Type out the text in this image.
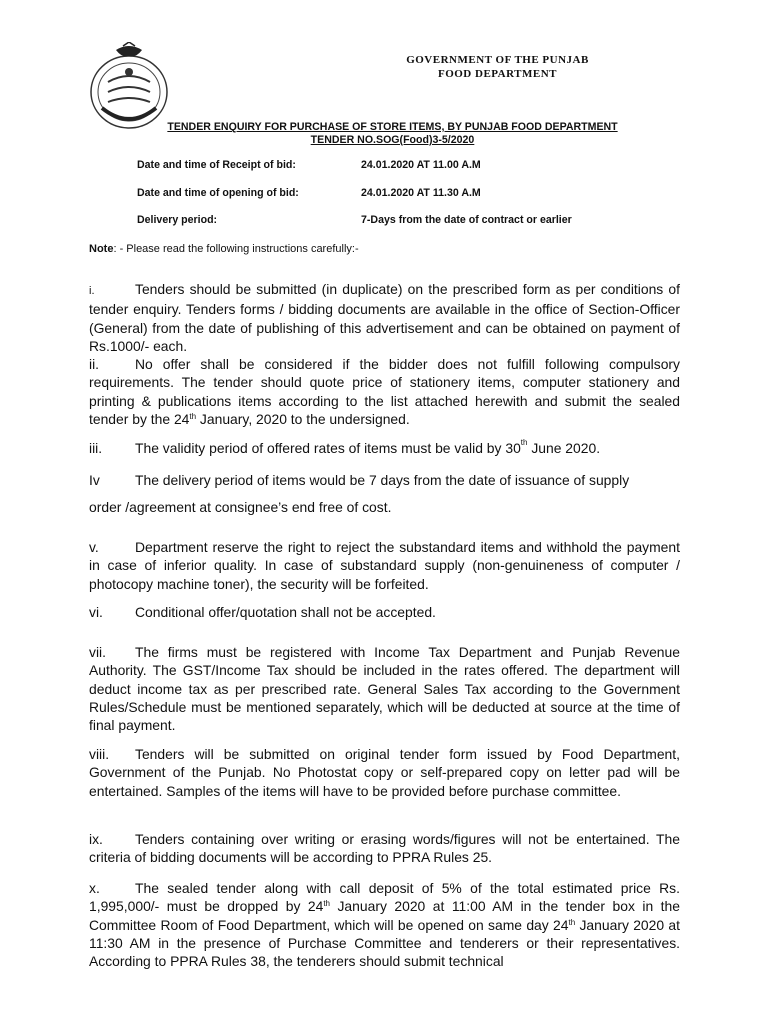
GOVERNMENT OF THE PUNJAB
FOOD DEPARTMENT
TENDER ENQUIRY FOR PURCHASE OF STORE ITEMS, BY PUNJAB FOOD DEPARTMENT
TENDER NO.SOG(Food)3-5/2020
Date and time of Receipt of bid:	24.01.2020 AT 11.00 A.M
Date and time of opening of bid:	24.01.2020 AT 11.30 A.M
Delivery period:	7-Days from the date of contract or earlier
Note: - Please read the following instructions carefully:-

i.	Tenders should be submitted (in duplicate) on the prescribed form as per conditions of tender enquiry. Tenders forms / bidding documents are available in the office of Section-Officer (General) from the date of publishing of this advertisement and can be obtained on payment of Rs.1000/- each.

ii.	No offer shall be considered if the bidder does not fulfill following compulsory requirements. The tender should quote price of stationery items, computer stationery and printing & publications items according to the list attached herewith and submit the sealed tender by the 24th January, 2020 to the undersigned.

iii. The validity period of offered rates of items must be valid by 30th June 2020.
Iv	The delivery period of items would be 7 days from the date of issuance of supply
order /agreement at consignee’s end free of cost.

v.	Department reserve the right to reject the substandard items and withhold the payment in case of inferior quality. In case of substandard supply (non-genuineness of computer / photocopy machine toner), the security will be forfeited.

vi. Conditional offer/quotation shall not be accepted.

vii. The firms must be registered with Income Tax Department and Punjab Revenue Authority. The GST/Income Tax should be included in the rates offered. The department will deduct income tax as per prescribed rate. General Sales Tax according to the Government Rules/Schedule must be mentioned separately, which will be deducted at source at the time of final payment.

viii. Tenders will be submitted on original tender form issued by Food Department, Government of the Punjab. No Photostat copy or self-prepared copy on letter pad will be entertained. Samples of the items will have to be provided before purchase committee.

ix. Tenders containing over writing or erasing words/figures will not be entertained. The criteria of bidding documents will be according to PPRA Rules 25.

x.	The sealed tender along with call deposit of 5% of the total estimated price Rs. 1,995,000/- must be dropped by 24th January 2020 at 11:00 AM in the tender box in the Committee Room of Food Department, which will be opened on same day 24th January 2020 at 11:30 AM in the presence of Purchase Committee and tenderers or their representatives. According to PPRA Rules 38, the tenderers should submit technical
